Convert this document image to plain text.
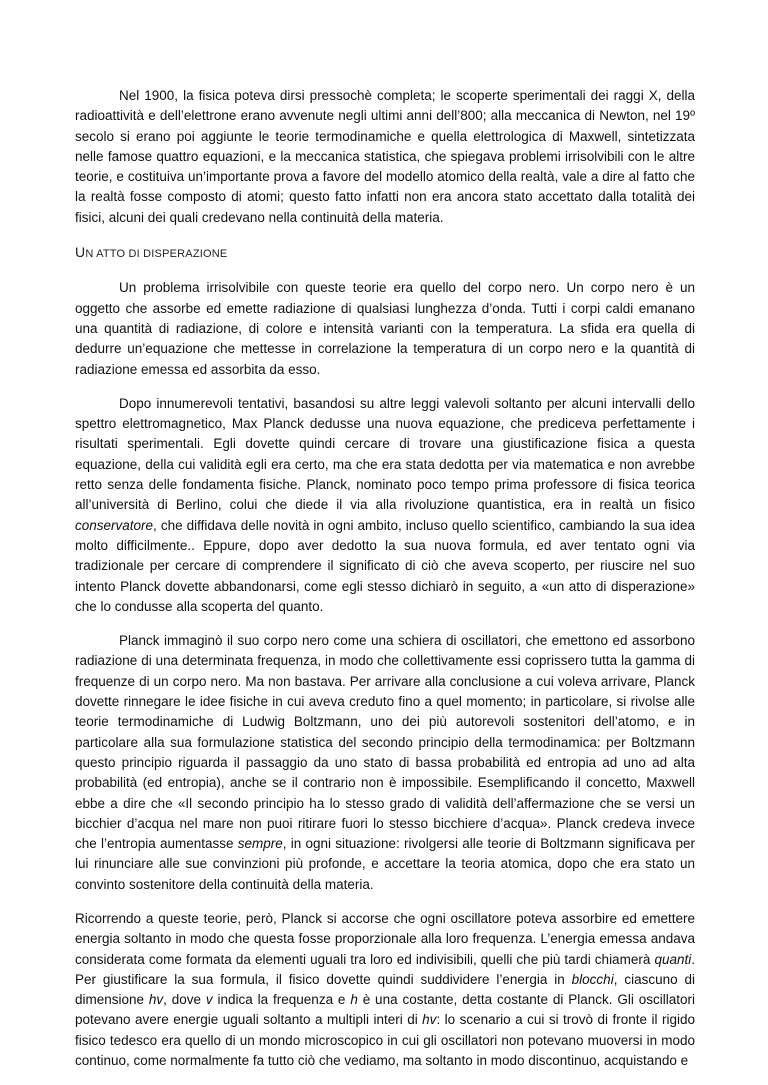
Nel 1900, la fisica poteva dirsi pressochè completa; le scoperte sperimentali dei raggi X, della radioattività e dell’elettrone erano avvenute negli ultimi anni dell’800; alla meccanica di Newton, nel 19º secolo si erano poi aggiunte le teorie termodinamiche e quella elettrologica di Maxwell, sintetizzata nelle famose quattro equazioni, e la meccanica statistica, che spiegava problemi irrisolvibili con le altre teorie, e costituiva un’importante prova a favore del modello atomico della realtà, vale a dire al fatto che la realtà fosse composto di atomi; questo fatto infatti non era ancora stato accettato dalla totalità dei fisici, alcuni dei quali credevano nella continuità della materia.

UN ATTO DI DISPERAZIONE

Un problema irrisolvibile con queste teorie era quello del corpo nero. Un corpo nero è un oggetto che assorbe ed emette radiazione di qualsiasi lunghezza d’onda. Tutti i corpi caldi emanano una quantità di radiazione, di colore e intensità varianti con la temperatura. La sfida era quella di dedurre un’equazione che mettesse in correlazione la temperatura di un corpo nero e la quantità di radiazione emessa ed assorbita da esso.

Dopo innumerevoli tentativi, basandosi su altre leggi valevoli soltanto per alcuni intervalli dello spettro elettromagnetico, Max Planck dedusse una nuova equazione, che prediceva perfettamente i risultati sperimentali. Egli dovette quindi cercare di trovare una giustificazione fisica a questa equazione, della cui validità egli era certo, ma che era stata dedotta per via matematica e non avrebbe retto senza delle fondamenta fisiche. Planck, nominato poco tempo prima professore di fisica teorica all’università di Berlino, colui che diede il via alla rivoluzione quantistica, era in realtà un fisico conservatore, che diffidava delle novità in ogni ambito, incluso quello scientifico, cambiando la sua idea molto difficilmente.. Eppure, dopo aver dedotto la sua nuova formula, ed aver tentato ogni via tradizionale per cercare di comprendere il significato di ciò che aveva scoperto, per riuscire nel suo intento Planck dovette abbandonarsi, come egli stesso dichiarò in seguito, a «un atto di disperazione» che lo condusse alla scoperta del quanto.

Planck immaginò il suo corpo nero come una schiera di oscillatori, che emettono ed assorbono radiazione di una determinata frequenza, in modo che collettivamente essi coprissero tutta la gamma di frequenze di un corpo nero. Ma non bastava. Per arrivare alla conclusione a cui voleva arrivare, Planck dovette rinnegare le idee fisiche in cui aveva creduto fino a quel momento; in particolare, si rivolse alle teorie termodinamiche di Ludwig Boltzmann, uno dei più autorevoli sostenitori dell’atomo, e in particolare alla sua formulazione statistica del secondo principio della termodinamica: per Boltzmann questo principio riguarda il passaggio da uno stato di bassa probabilità ed entropia ad uno ad alta probabilità (ed entropia), anche se il contrario non è impossibile. Esemplificando il concetto, Maxwell ebbe a dire che «Il secondo principio ha lo stesso grado di validità dell’affermazione che se versi un bicchier d’acqua nel mare non puoi ritirare fuori lo stesso bicchiere d’acqua». Planck credeva invece che l’entropia aumentasse sempre, in ogni situazione: rivolgersi alle teorie di Boltzmann significava per lui rinunciare alle sue convinzioni più profonde, e accettare la teoria atomica, dopo che era stato un convinto sostenitore della continuità della materia.

Ricorrendo a queste teorie, però, Planck si accorse che ogni oscillatore poteva assorbire ed emettere energia soltanto in modo che questa fosse proporzionale alla loro frequenza. L’energia emessa andava considerata come formata da elementi uguali tra loro ed indivisibili, quelli che più tardi chiamerà quanti. Per giustificare la sua formula, il fisico dovette quindi suddividere l’energia in blocchi, ciascuno di dimensione hv, dove v indica la frequenza e h è una costante, detta costante di Planck. Gli oscillatori potevano avere energie uguali soltanto a multipli interi di hv: lo scenario a cui si trovò di fronte il rigido fisico tedesco era quello di un mondo microscopico in cui gli oscillatori non potevano muoversi in modo continuo, come normalmente fa tutto ciò che vediamo, ma soltanto in modo discontinuo, acquistando e
